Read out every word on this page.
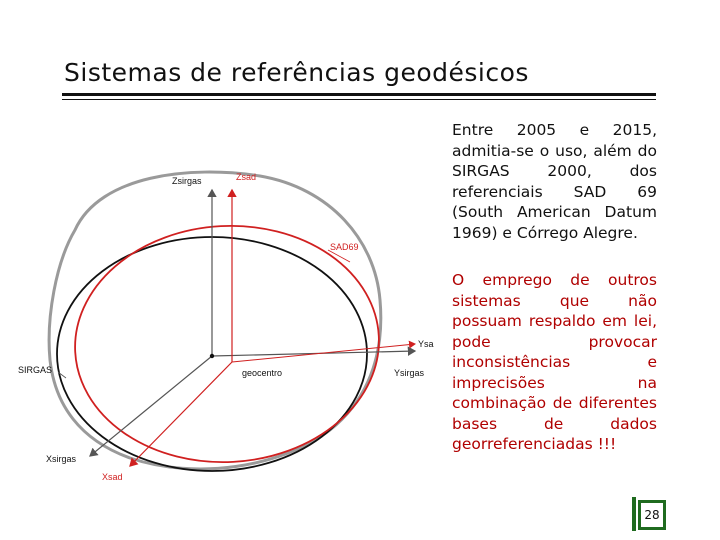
Sistemas de referências geodésicos
Zsirgas	Zsad
SAD69
Ysa
SIRGAS	geocentro	Ysirgas
Xsirgas
Xsad
Entre 2005 e 2015, admitia-se o uso, além do SIRGAS 2000, dos referenciais SAD 69 (South American Datum 1969) e Córrego Alegre.
O emprego de outros sistemas que não possuam respaldo em lei, pode provocar inconsistências e imprecisões na combinação de diferentes bases de dados georreferenciadas !!!
28
